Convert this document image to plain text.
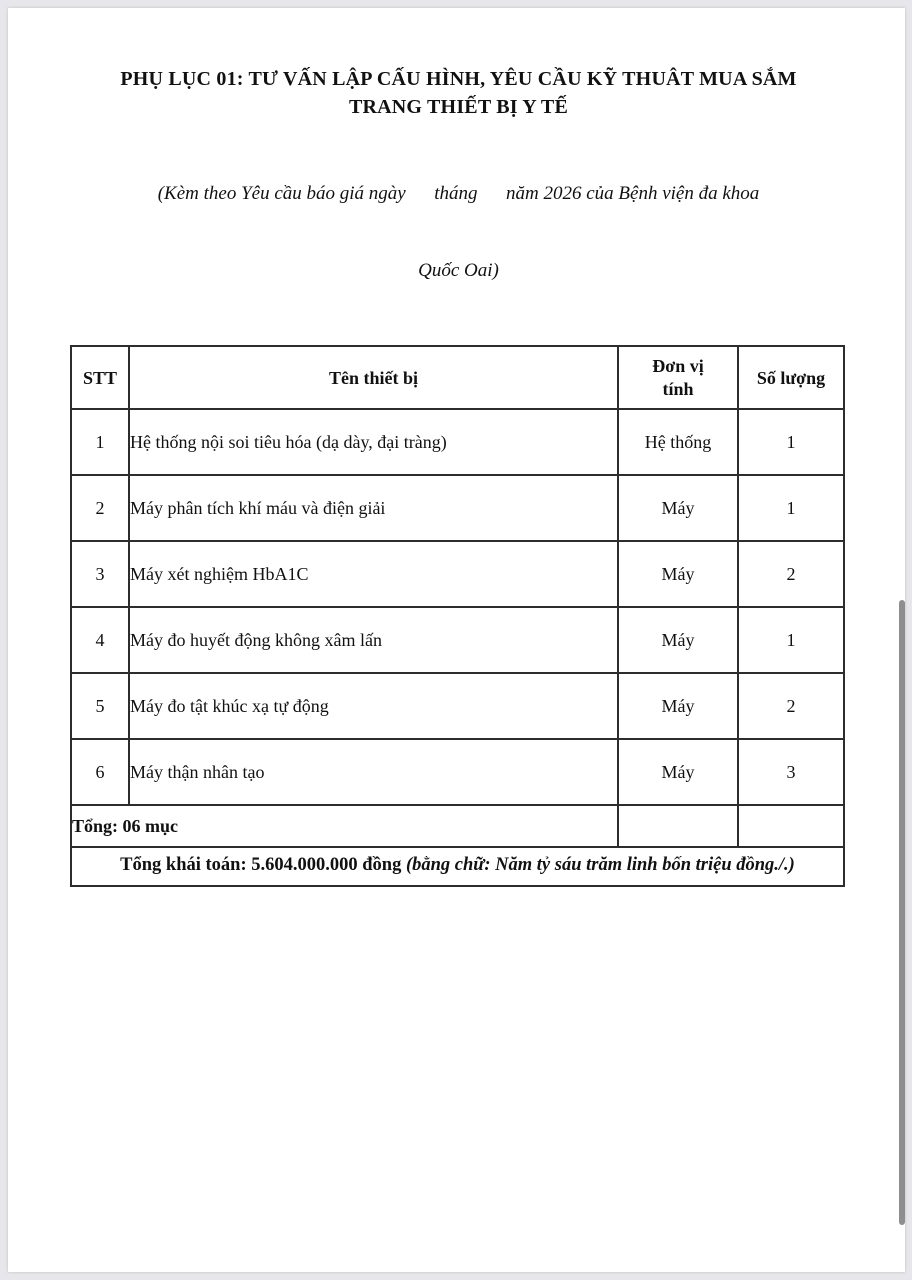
PHỤ LỤC 01: TƯ VẤN LẬP CẤU HÌNH, YÊU CẦU KỸ THUÂT MUA SẮM
TRANG THIẾT BỊ Y TẾ

(Kèm theo Yêu cầu báo giá ngày      tháng      năm 2026 của Bệnh viện đa khoa

Quốc Oai)

STT	Tên thiết bị	Đơn vị tính	Số lượng
1	Hệ thống nội soi tiêu hóa (dạ dày, đại tràng)	Hệ thống	1
2	Máy phân tích khí máu và điện giải	Máy	1
3	Máy xét nghiệm HbA1C	Máy	2
4	Máy đo huyết động không xâm lấn	Máy	1
5	Máy đo tật khúc xạ tự động	Máy	2
6	Máy thận nhân tạo	Máy	3
Tổng: 06 mục			
Tổng khái toán: 5.604.000.000 đồng (bằng chữ: Năm tỷ sáu trăm linh bốn triệu đồng./.)			
